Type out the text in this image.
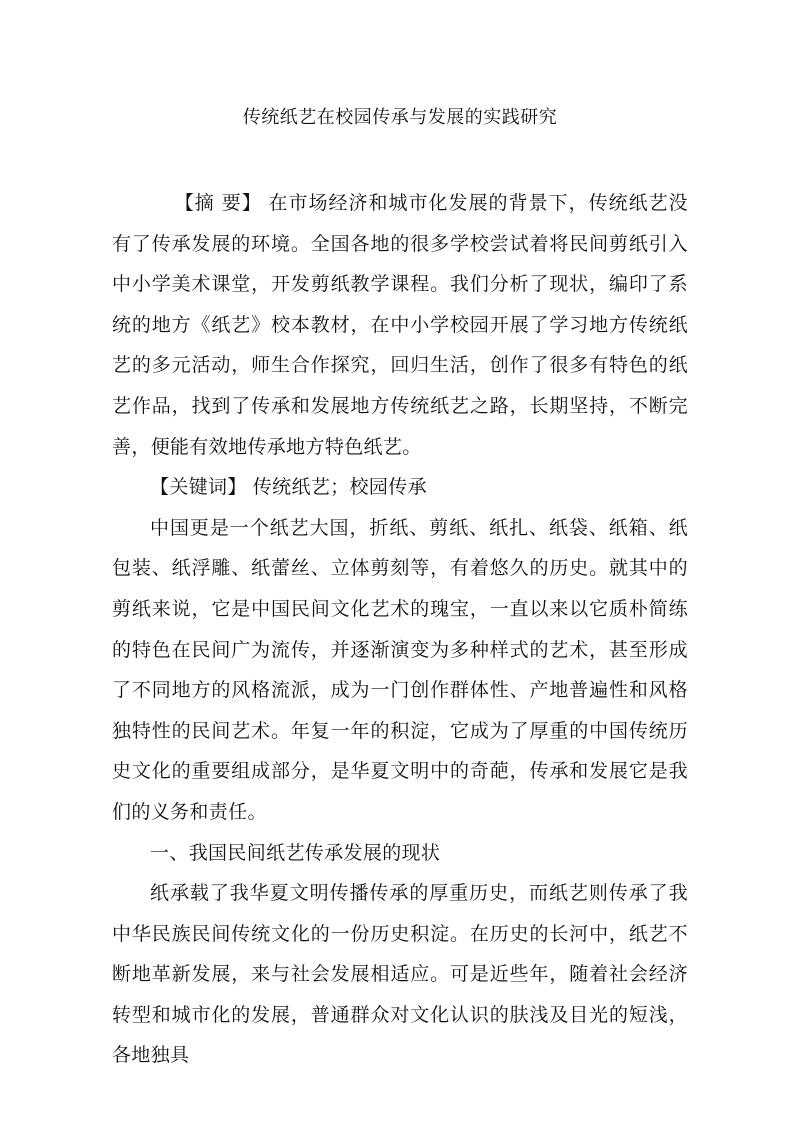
传统纸艺在校园传承与发展的实践研究

【摘 要】 在市场经济和城市化发展的背景下，传统纸艺没有了传承发展的环境。全国各地的很多学校尝试着将民间剪纸引入中小学美术课堂，开发剪纸教学课程。我们分析了现状，编印了系统的地方《纸艺》校本教材，在中小学校园开展了学习地方传统纸艺的多元活动，师生合作探究，回归生活，创作了很多有特色的纸艺作品，找到了传承和发展地方传统纸艺之路，长期坚持，不断完善，便能有效地传承地方特色纸艺。

【关键词】 传统纸艺；校园传承

中国更是一个纸艺大国，折纸、剪纸、纸扎、纸袋、纸箱、纸包装、纸浮雕、纸蕾丝、立体剪刻等，有着悠久的历史。就其中的剪纸来说，它是中国民间文化艺术的瑰宝，一直以来以它质朴简练的特色在民间广为流传，并逐渐演变为多种样式的艺术，甚至形成了不同地方的风格流派，成为一门创作群体性、产地普遍性和风格独特性的民间艺术。年复一年的积淀，它成为了厚重的中国传统历史文化的重要组成部分，是华夏文明中的奇葩，传承和发展它是我们的义务和责任。

一、我国民间纸艺传承发展的现状

纸承载了我华夏文明传播传承的厚重历史，而纸艺则传承了我中华民族民间传统文化的一份历史积淀。在历史的长河中，纸艺不断地革新发展，来与社会发展相适应。可是近些年，随着社会经济转型和城市化的发展，普通群众对文化认识的肤浅及目光的短浅，各地独具
